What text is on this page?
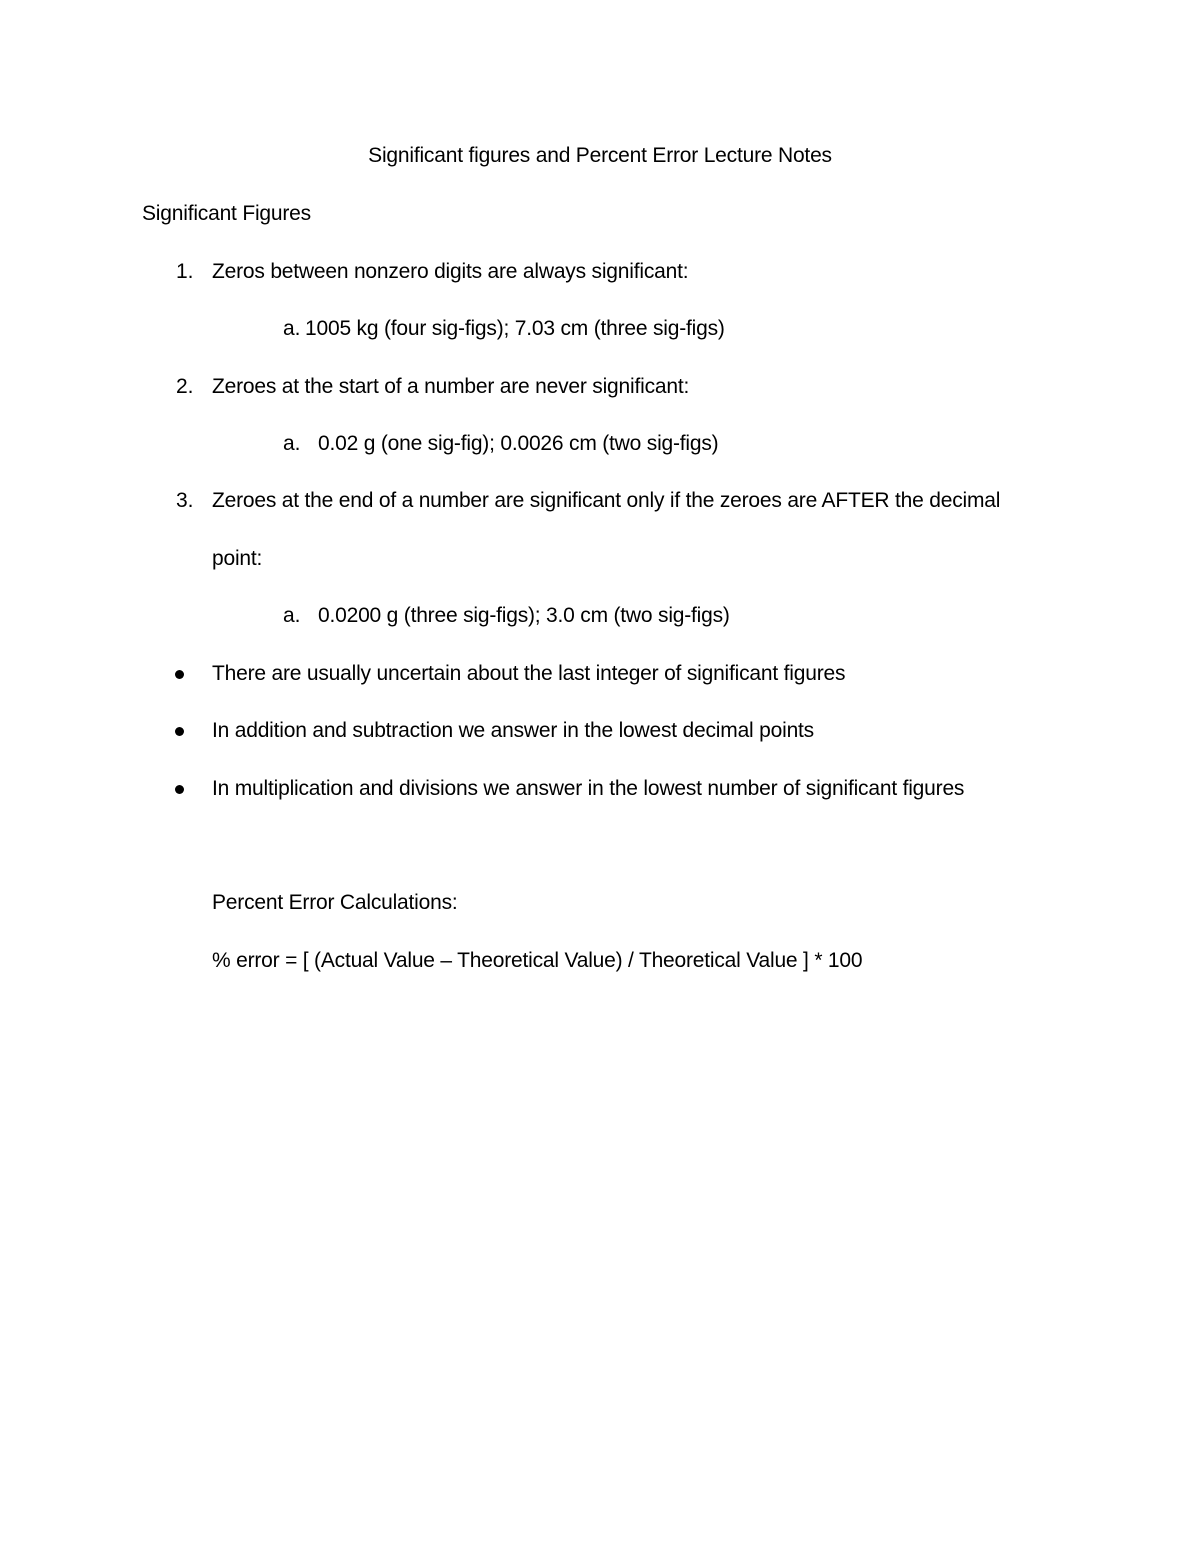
Significant figures and Percent Error Lecture Notes
Significant Figures
1. Zeros between nonzero digits are always significant:
a. 1005 kg (four sig-figs); 7.03 cm (three sig-figs)
2. Zeroes at the start of a number are never significant:
a. 0.02 g (one sig-fig); 0.0026 cm (two sig-figs)
3. Zeroes at the end of a number are significant only if the zeroes are AFTER the decimal
point:
a. 0.0200 g (three sig-figs); 3.0 cm (two sig-figs)
There are usually uncertain about the last integer of significant figures
In addition and subtraction we answer in the lowest decimal points
In multiplication and divisions we answer in the lowest number of significant figures
Percent Error Calculations:
% error = [ (Actual Value – Theoretical Value) / Theoretical Value ] * 100
